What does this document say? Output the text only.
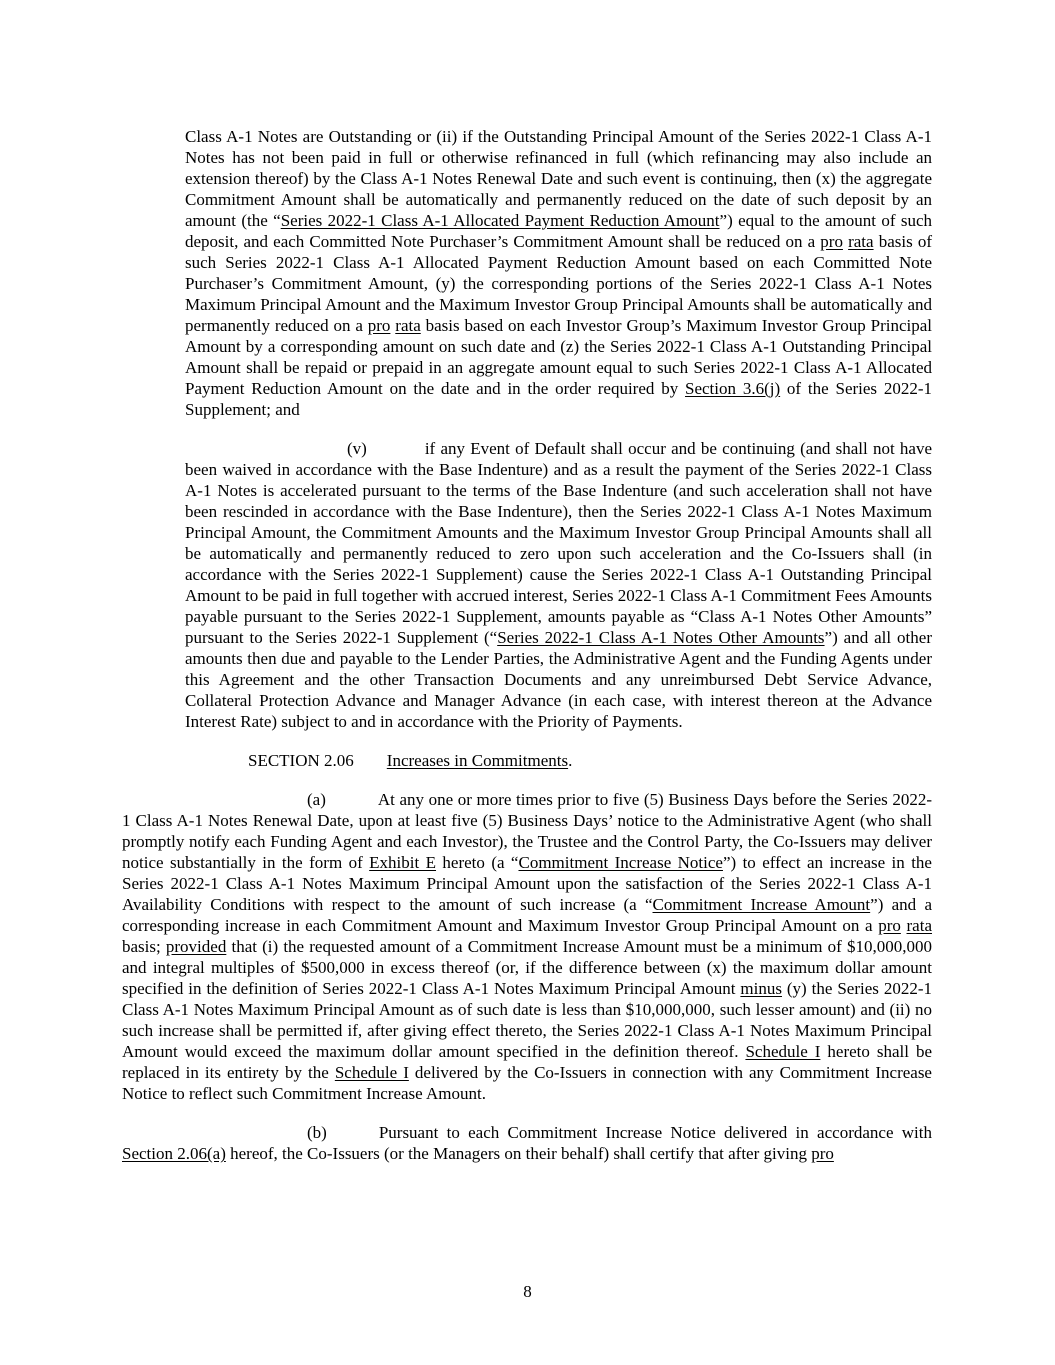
Class A-1 Notes are Outstanding or (ii) if the Outstanding Principal Amount of the Series 2022-1 Class A-1 Notes has not been paid in full or otherwise refinanced in full (which refinancing may also include an extension thereof) by the Class A-1 Notes Renewal Date and such event is continuing, then (x) the aggregate Commitment Amount shall be automatically and permanently reduced on the date of such deposit by an amount (the “Series 2022-1 Class A-1 Allocated Payment Reduction Amount”) equal to the amount of such deposit, and each Committed Note Purchaser’s Commitment Amount shall be reduced on a pro rata basis of such Series 2022-1 Class A-1 Allocated Payment Reduction Amount based on each Committed Note Purchaser’s Commitment Amount, (y) the corresponding portions of the Series 2022-1 Class A-1 Notes Maximum Principal Amount and the Maximum Investor Group Principal Amounts shall be automatically and permanently reduced on a pro rata basis based on each Investor Group’s Maximum Investor Group Principal Amount by a corresponding amount on such date and (z) the Series 2022-1 Class A-1 Outstanding Principal Amount shall be repaid or prepaid in an aggregate amount equal to such Series 2022-1 Class A-1 Allocated Payment Reduction Amount on the date and in the order required by Section 3.6(j) of the Series 2022-1 Supplement; and

(v)	if any Event of Default shall occur and be continuing (and shall not have been waived in accordance with the Base Indenture) and as a result the payment of the Series 2022-1 Class A-1 Notes is accelerated pursuant to the terms of the Base Indenture (and such acceleration shall not have been rescinded in accordance with the Base Indenture), then the Series 2022-1 Class A-1 Notes Maximum Principal Amount, the Commitment Amounts and the Maximum Investor Group Principal Amounts shall all be automatically and permanently reduced to zero upon such acceleration and the Co-Issuers shall (in accordance with the Series 2022-1 Supplement) cause the Series 2022-1 Class A-1 Outstanding Principal Amount to be paid in full together with accrued interest, Series 2022-1 Class A-1 Commitment Fees Amounts payable pursuant to the Series 2022-1 Supplement, amounts payable as “Class A-1 Notes Other Amounts” pursuant to the Series 2022-1 Supplement (“Series 2022-1 Class A-1 Notes Other Amounts”) and all other amounts then due and payable to the Lender Parties, the Administrative Agent and the Funding Agents under this Agreement and the other Transaction Documents and any unreimbursed Debt Service Advance, Collateral Protection Advance and Manager Advance (in each case, with interest thereon at the Advance Interest Rate) subject to and in accordance with the Priority of Payments.

SECTION 2.06 Increases in Commitments.

(a)	At any one or more times prior to five (5) Business Days before the Series 2022-1 Class A-1 Notes Renewal Date, upon at least five (5) Business Days’ notice to the Administrative Agent (who shall promptly notify each Funding Agent and each Investor), the Trustee and the Control Party, the Co-Issuers may deliver notice substantially in the form of Exhibit E hereto (a “Commitment Increase Notice”) to effect an increase in the Series 2022-1 Class A-1 Notes Maximum Principal Amount upon the satisfaction of the Series 2022-1 Class A-1 Availability Conditions with respect to the amount of such increase (a “Commitment Increase Amount”) and a corresponding increase in each Commitment Amount and Maximum Investor Group Principal Amount on a pro rata basis; provided that (i) the requested amount of a Commitment Increase Amount must be a minimum of $10,000,000 and integral multiples of $500,000 in excess thereof (or, if the difference between (x) the maximum dollar amount specified in the definition of Series 2022-1 Class A-1 Notes Maximum Principal Amount minus (y) the Series 2022-1 Class A-1 Notes Maximum Principal Amount as of such date is less than $10,000,000, such lesser amount) and (ii) no such increase shall be permitted if, after giving effect thereto, the Series 2022-1 Class A-1 Notes Maximum Principal Amount would exceed the maximum dollar amount specified in the definition thereof. Schedule I hereto shall be replaced in its entirety by the Schedule I delivered by the Co-Issuers in connection with any Commitment Increase Notice to reflect such Commitment Increase Amount.

(b)	Pursuant to each Commitment Increase Notice delivered in accordance with Section 2.06(a) hereof, the Co-Issuers (or the Managers on their behalf) shall certify that after giving pro

8
